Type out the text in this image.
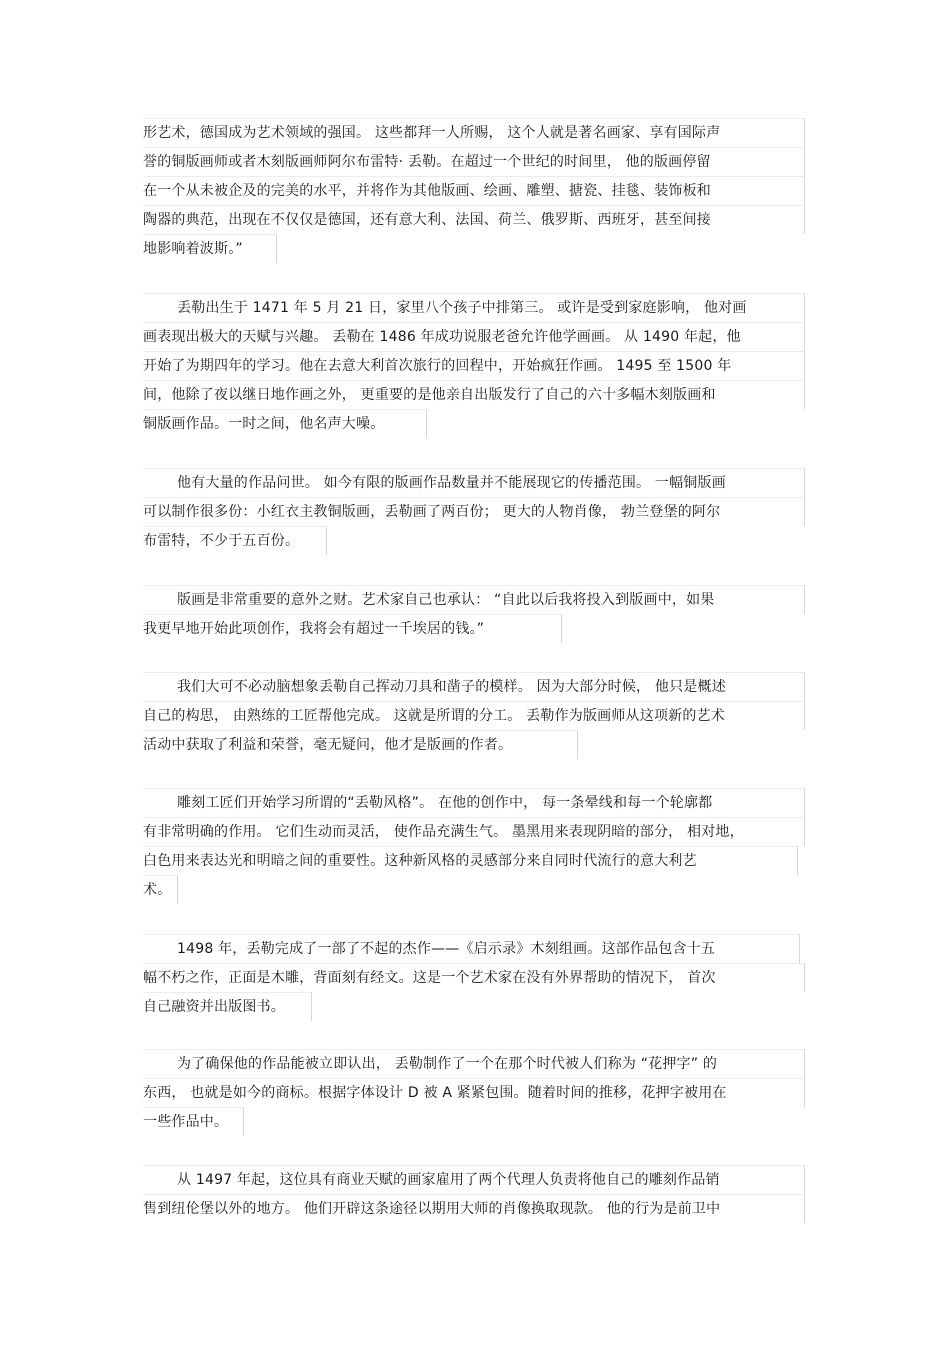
形艺术，德国成为艺术领域的强国。 这些都拜一人所赐， 这个人就是著名画家、享有国际声
誉的铜版画师或者木刻版画师阿尔布雷特· 丢勒。在超过一个世纪的时间里， 他的版画停留
在一个从未被企及的完美的水平，并将作为其他版画、绘画、雕塑、搪瓷、挂毯、装饰板和
陶器的典范，出现在不仅仅是德国，还有意大利、法国、荷兰、俄罗斯、西班牙，甚至间接
地影响着波斯。”
丢勒出生于 1471 年 5 月 21 日，家里八个孩子中排第三。 或许是受到家庭影响， 他对画
画表现出极大的天赋与兴趣。 丢勒在 1486 年成功说服老爸允许他学画画。 从 1490 年起，他
开始了为期四年的学习。他在去意大利首次旅行的回程中，开始疯狂作画。 1495 至 1500 年
间，他除了夜以继日地作画之外， 更重要的是他亲自出版发行了自己的六十多幅木刻版画和
铜版画作品。一时之间，他名声大噪。
他有大量的作品问世。 如今有限的版画作品数量并不能展现它的传播范围。 一幅铜版画
可以制作很多份：小红衣主教铜版画，丢勒画了两百份； 更大的人物肖像， 勃兰登堡的阿尔
布雷特，不少于五百份。
版画是非常重要的意外之财。艺术家自己也承认： “自此以后我将投入到版画中，如果
我更早地开始此项创作，我将会有超过一千埃居的钱。”
我们大可不必动脑想象丢勒自己挥动刀具和凿子的模样。 因为大部分时候， 他只是概述
自己的构思， 由熟练的工匠帮他完成。 这就是所谓的分工。 丢勒作为版画师从这项新的艺术
活动中获取了利益和荣誉，毫无疑问，他才是版画的作者。
雕刻工匠们开始学习所谓的“丢勒风格”。 在他的创作中， 每一条晕线和每一个轮廓都
有非常明确的作用。 它们生动而灵活， 使作品充满生气。 墨黑用来表现阴暗的部分， 相对地，
白色用来表达光和明暗之间的重要性。这种新风格的灵感部分来自同时代流行的意大利艺
术。
1498 年，丢勒完成了一部了不起的杰作——《启示录》木刻组画。这部作品包含十五
幅不朽之作，正面是木雕，背面刻有经文。这是一个艺术家在没有外界帮助的情况下， 首次
自己融资并出版图书。
为了确保他的作品能被立即认出， 丢勒制作了一个在那个时代被人们称为 “花押字” 的
东西， 也就是如今的商标。根据字体设计 D 被 A 紧紧包围。随着时间的推移，花押字被用在
一些作品中。
从 1497 年起，这位具有商业天赋的画家雇用了两个代理人负责将他自己的雕刻作品销
售到纽伦堡以外的地方。 他们开辟这条途径以期用大师的肖像换取现款。 他的行为是前卫中
